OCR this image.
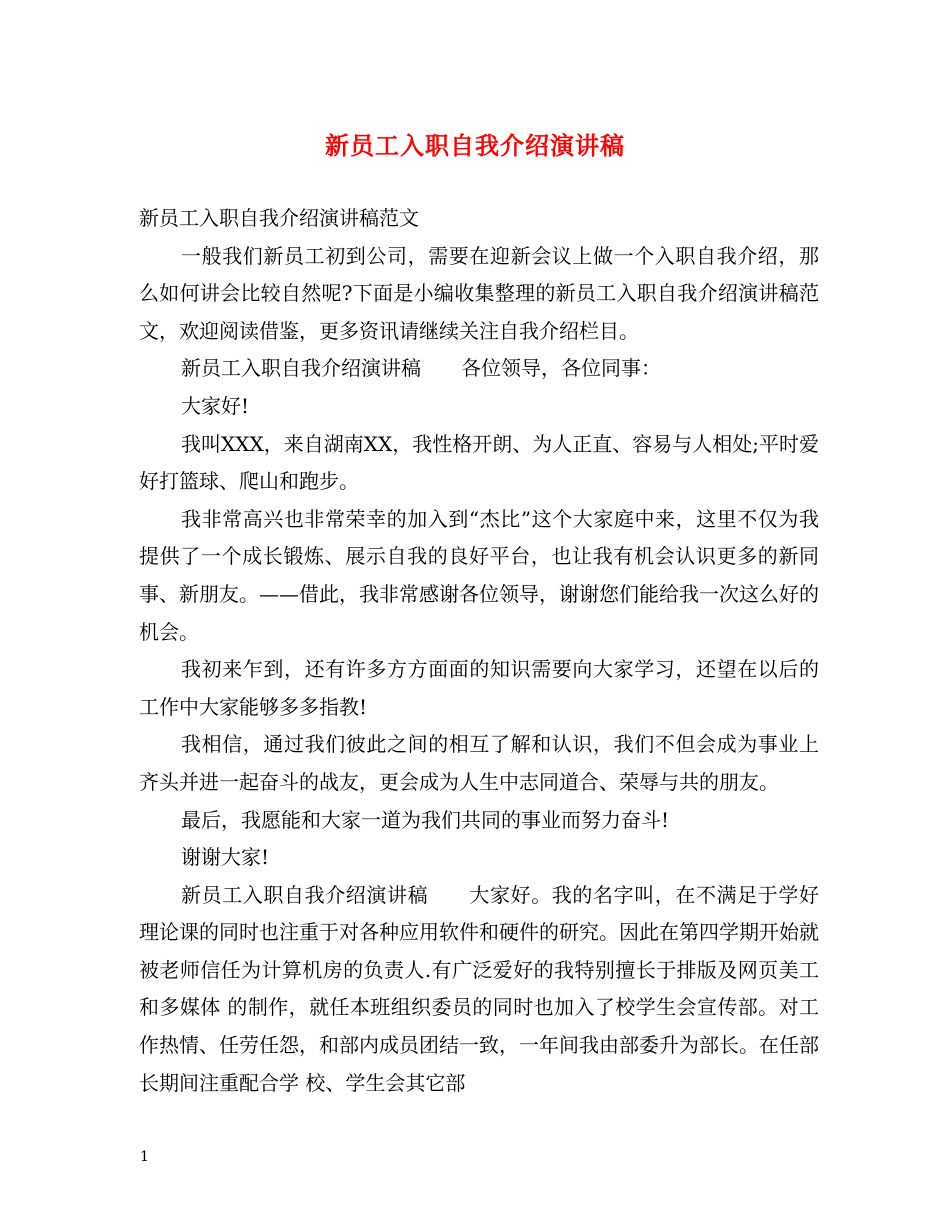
新员工入职自我介绍演讲稿

新员工入职自我介绍演讲稿范文

一般我们新员工初到公司，需要在迎新会议上做一个入职自我介绍，那么如何讲会比较自然呢?下面是小编收集整理的新员工入职自我介绍演讲稿范文，欢迎阅读借鉴，更多资讯请继续关注自我介绍栏目。

新员工入职自我介绍演讲稿　　各位领导，各位同事：

大家好!

我叫XXX，来自湖南XX，我性格开朗、为人正直、容易与人相处;平时爱好打篮球、爬山和跑步。

我非常高兴也非常荣幸的加入到“杰比”这个大家庭中来，这里不仅为我提供了一个成长锻炼、展示自我的良好平台，也让我有机会认识更多的新同事、新朋友。——借此，我非常感谢各位领导，谢谢您们能给我一次这么好的机会。

我初来乍到，还有许多方方面面的知识需要向大家学习，还望在以后的工作中大家能够多多指教!

我相信，通过我们彼此之间的相互了解和认识，我们不但会成为事业上齐头并进一起奋斗的战友，更会成为人生中志同道合、荣辱与共的朋友。

最后，我愿能和大家一道为我们共同的事业而努力奋斗!

谢谢大家!

新员工入职自我介绍演讲稿　　大家好。我的名字叫，在不满足于学好理论课的同时也注重于对各种应用软件和硬件的研究。因此在第四学期开始就被老师信任为计算机房的负责人.有广泛爱好的我特别擅长于排版及网页美工和多媒体 的制作，就任本班组织委员的同时也加入了校学生会宣传部。对工作热情、任劳任怨，和部内成员团结一致，一年间我由部委升为部长。在任部长期间注重配合学 校、学生会其它部

1
